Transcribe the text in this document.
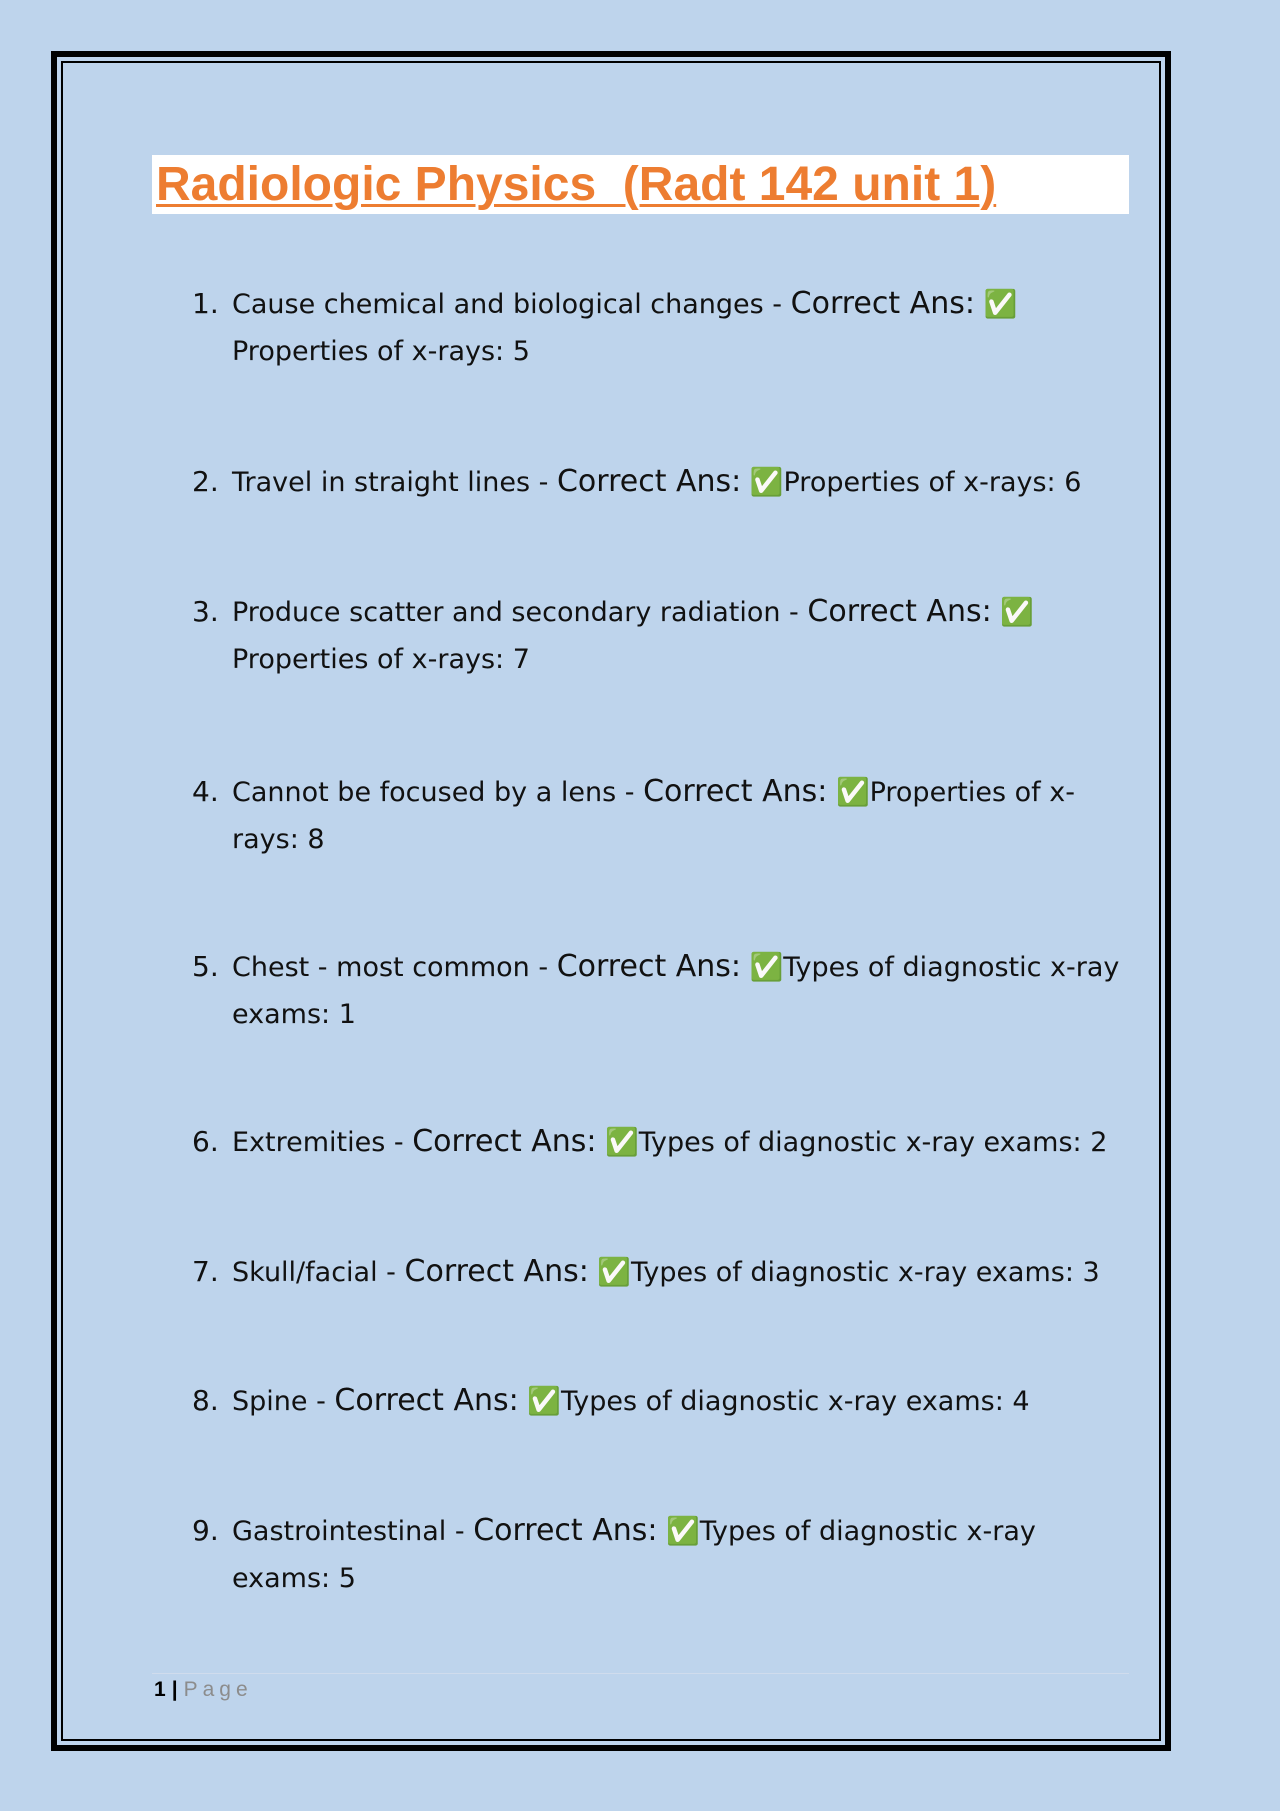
Radiologic Physics  (Radt 142 unit 1)
1. Cause chemical and biological changes - Correct Ans: ✅Properties of x-rays: 5
2. Travel in straight lines - Correct Ans: ✅Properties of x-rays: 6
3. Produce scatter and secondary radiation - Correct Ans: ✅Properties of x-rays: 7
4. Cannot be focused by a lens - Correct Ans: ✅Properties of x-rays: 8
5. Chest - most common - Correct Ans: ✅Types of diagnostic x-ray exams: 1
6. Extremities - Correct Ans: ✅Types of diagnostic x-ray exams: 2
7. Skull/facial - Correct Ans: ✅Types of diagnostic x-ray exams: 3
8. Spine - Correct Ans: ✅Types of diagnostic x-ray exams: 4
9. Gastrointestinal - Correct Ans: ✅Types of diagnostic x-ray exams: 5
1 | Page
